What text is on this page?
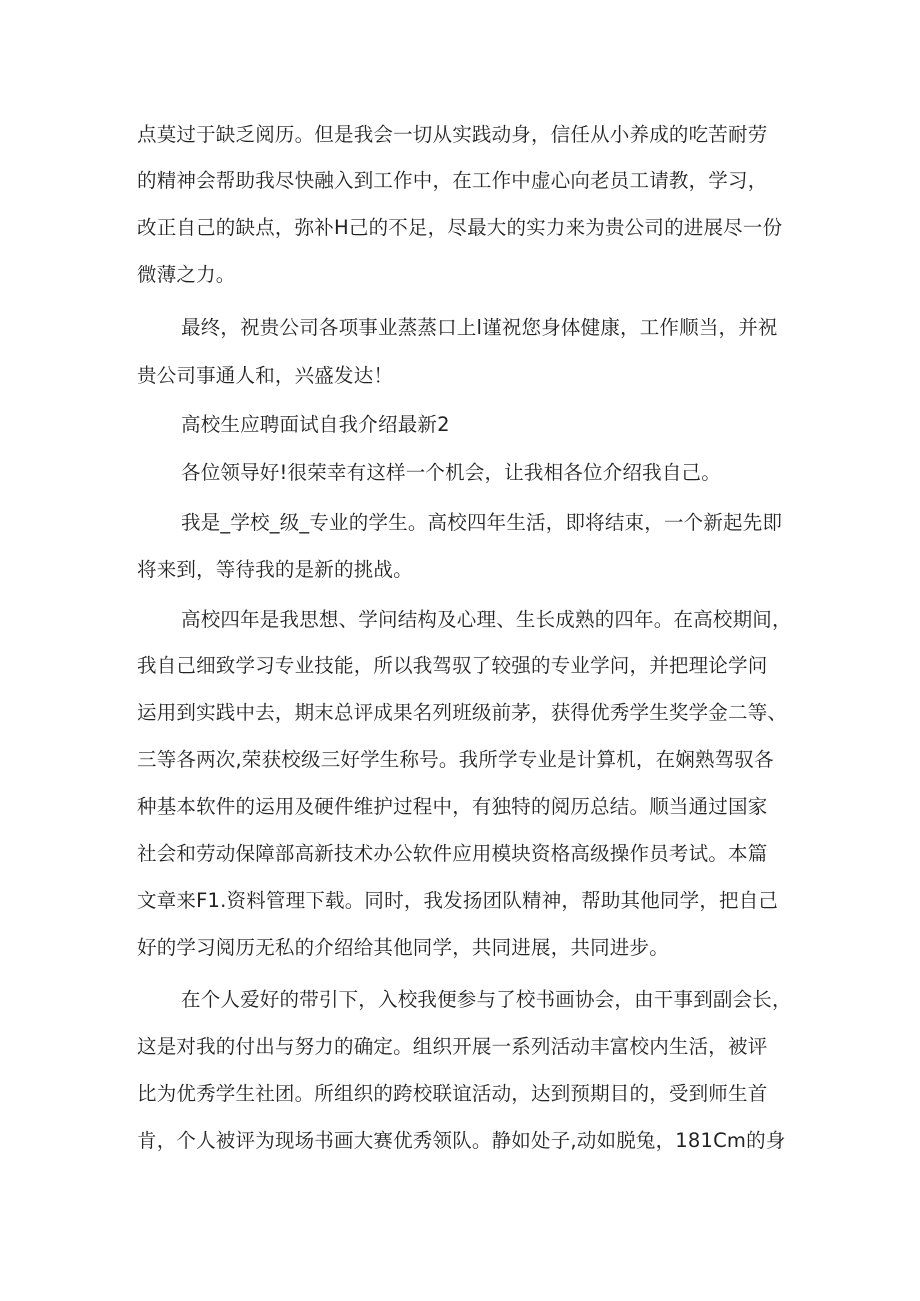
点莫过于缺乏阅历。但是我会一切从实践动身，信任从小养成的吃苦耐劳
的精神会帮助我尽快融入到工作中，在工作中虚心向老员工请教，学习，
改正自己的缺点，弥补H己的不足，尽最大的实力来为贵公司的进展尽一份
微薄之力。
最终，祝贵公司各项事业蒸蒸口上l谨祝您身体健康，工作顺当，并祝
贵公司事通人和，兴盛发达！
高校生应聘面试自我介绍最新2
各位领导好!很荣幸有这样一个机会，让我相各位介绍我自己。
我是_学校_级_专业的学生。高校四年生活，即将结束，一个新起先即
将来到，等待我的是新的挑战。
高校四年是我思想、学问结构及心理、生长成熟的四年。在高校期间，
我自己细致学习专业技能，所以我驾驭了较强的专业学问，并把理论学问
运用到实践中去，期末总评成果名列班级前茅，获得优秀学生奖学金二等、
三等各两次,荣获校级三好学生称号。我所学专业是计算机，在娴熟驾驭各
种基本软件的运用及硬件维护过程中，有独特的阅历总结。顺当通过国家
社会和劳动保障部高新技术办公软件应用模块资格高级操作员考试。本篇
文章来F1.资料管理下载。同时，我发扬团队精神，帮助其他同学，把自己
好的学习阅历无私的介绍给其他同学，共同进展，共同进步。
在个人爱好的带引下，入校我便参与了校书画协会，由干事到副会长，
这是对我的付出与努力的确定。组织开展一系列活动丰富校内生活，被评
比为优秀学生社团。所组织的跨校联谊活动，达到预期目的，受到师生首
肯，个人被评为现场书画大赛优秀领队。静如处子,动如脱兔，181Cm的身
